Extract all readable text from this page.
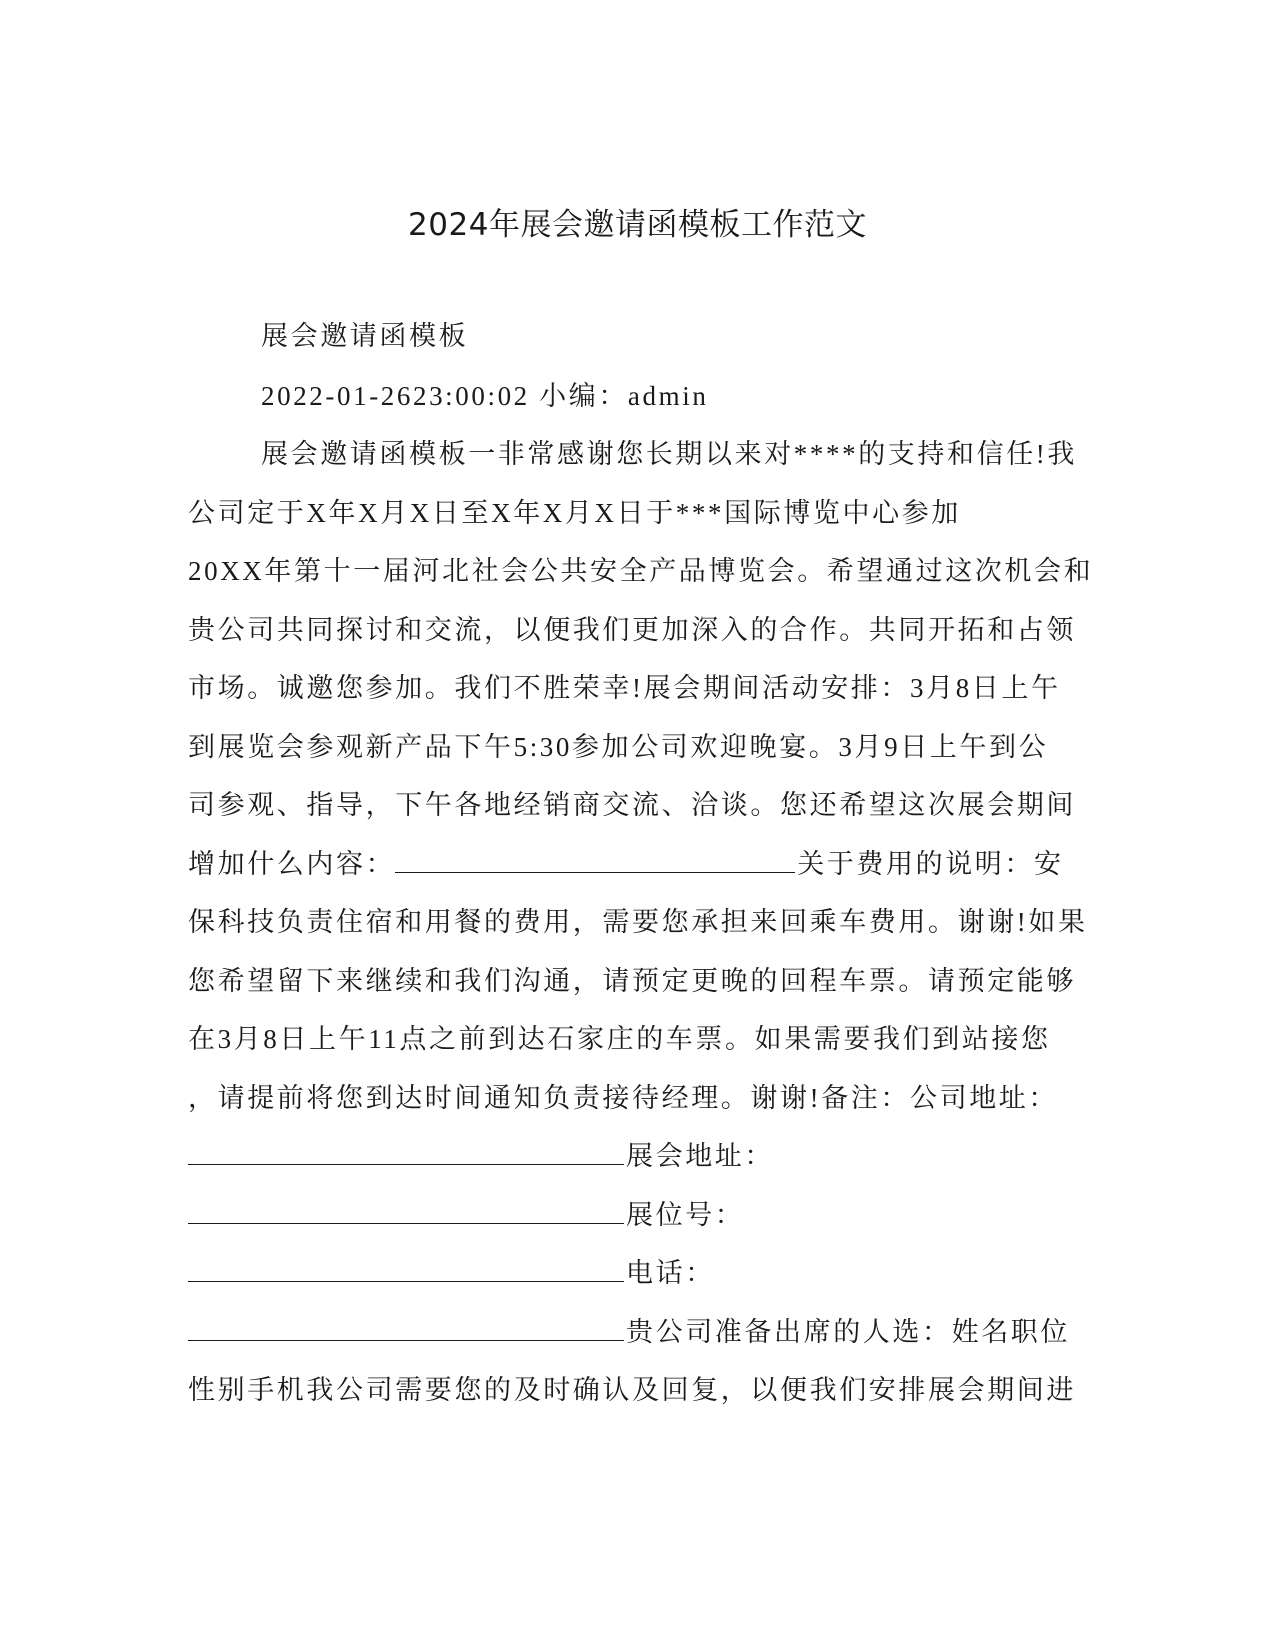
2024年展会邀请函模板工作范文
展会邀请函模板
2022-01-2623:00:02 小编：admin
展会邀请函模板一非常感谢您长期以来对****的支持和信任!我
公司定于X年X月X日至X年X月X日于***国际博览中心参加
20XX年第十一届河北社会公共安全产品博览会。希望通过这次机会和
贵公司共同探讨和交流，以便我们更加深入的合作。共同开拓和占领
市场。诚邀您参加。我们不胜荣幸!展会期间活动安排：3月8日上午
到展览会参观新产品下午5:30参加公司欢迎晚宴。3月9日上午到公
司参观、指导，下午各地经销商交流、洽谈。您还希望这次展会期间
增加什么内容：	关于费用的说明：安
保科技负责住宿和用餐的费用，需要您承担来回乘车费用。谢谢!如果
您希望留下来继续和我们沟通，请预定更晚的回程车票。请预定能够
在3月8日上午11点之前到达石家庄的车票。如果需要我们到站接您
，请提前将您到达时间通知负责接待经理。谢谢!备注：公司地址：
展会地址：
展位号：
电话：
贵公司准备出席的人选：姓名职位
性别手机我公司需要您的及时确认及回复，以便我们安排展会期间进
